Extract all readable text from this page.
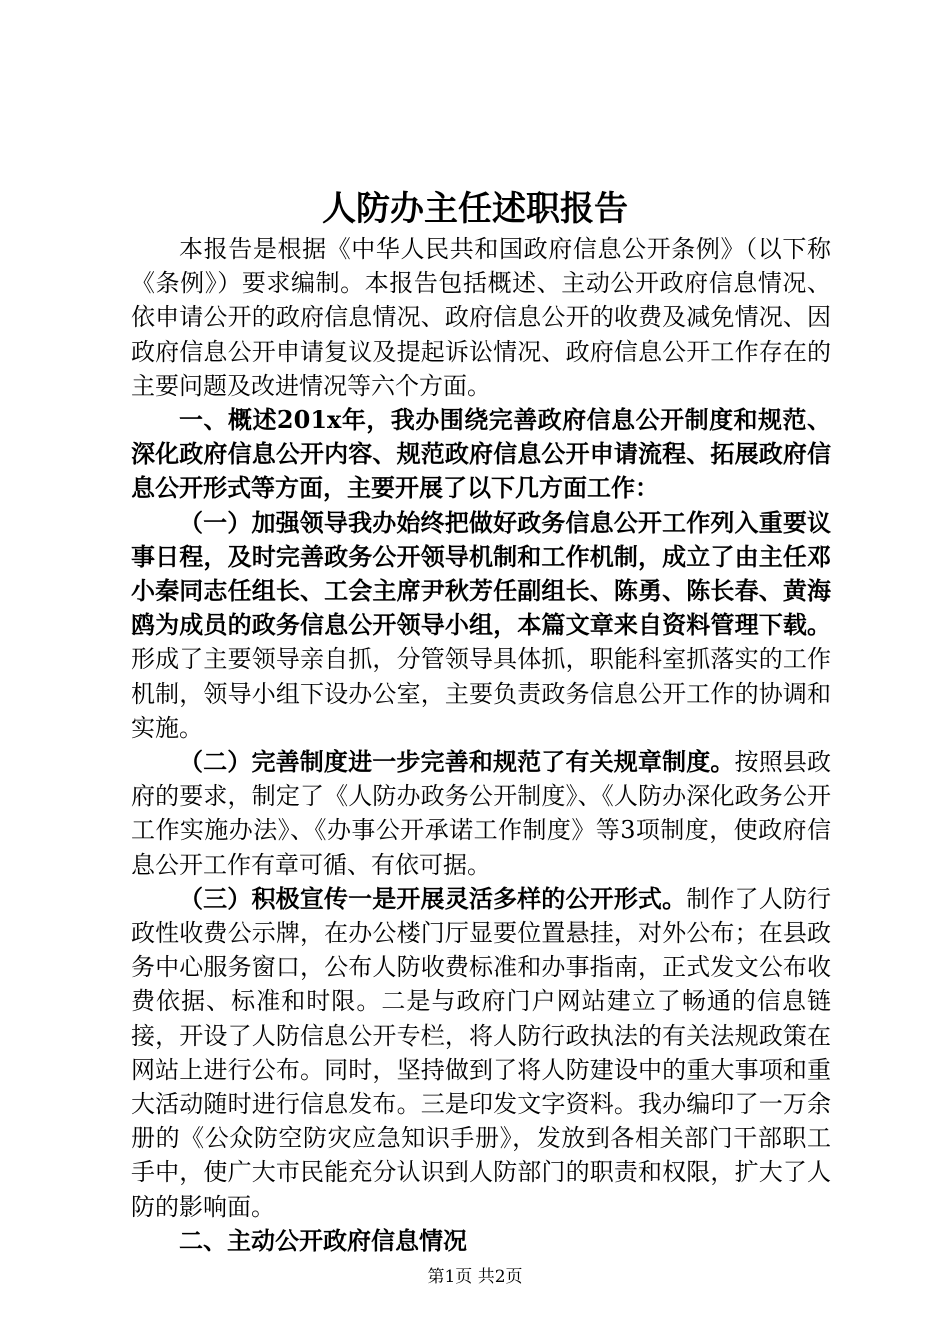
人防办主任述职报告

本报告是根据《中华人民共和国政府信息公开条例》（以下称《条例》）要求编制。本报告包括概述、主动公开政府信息情况、依申请公开的政府信息情况、政府信息公开的收费及减免情况、因政府信息公开申请复议及提起诉讼情况、政府信息公开工作存在的主要问题及改进情况等六个方面。

一、概述201x年，我办围绕完善政府信息公开制度和规范、深化政府信息公开内容、规范政府信息公开申请流程、拓展政府信息公开形式等方面，主要开展了以下几方面工作：

（一）加强领导我办始终把做好政务信息公开工作列入重要议事日程，及时完善政务公开领导机制和工作机制，成立了由主任邓小秦同志任组长、工会主席尹秋芳任副组长、陈勇、陈长春、黄海鸥为成员的政务信息公开领导小组，本篇文章来自资料管理下载。形成了主要领导亲自抓，分管领导具体抓，职能科室抓落实的工作机制，领导小组下设办公室，主要负责政务信息公开工作的协调和实施。

（二）完善制度进一步完善和规范了有关规章制度。按照县政府的要求，制定了《人防办政务公开制度》、《人防办深化政务公开工作实施办法》、《办事公开承诺工作制度》等3项制度，使政府信息公开工作有章可循、有依可据。

（三）积极宣传一是开展灵活多样的公开形式。制作了人防行政性收费公示牌，在办公楼门厅显要位置悬挂，对外公布；在县政务中心服务窗口，公布人防收费标准和办事指南，正式发文公布收费依据、标准和时限。二是与政府门户网站建立了畅通的信息链接，开设了人防信息公开专栏，将人防行政执法的有关法规政策在网站上进行公布。同时，坚持做到了将人防建设中的重大事项和重大活动随时进行信息发布。三是印发文字资料。我办编印了一万余册的《公众防空防灾应急知识手册》，发放到各相关部门干部职工手中，使广大市民能充分认识到人防部门的职责和权限，扩大了人防的影响面。

二、主动公开政府信息情况

第1页 共2页
